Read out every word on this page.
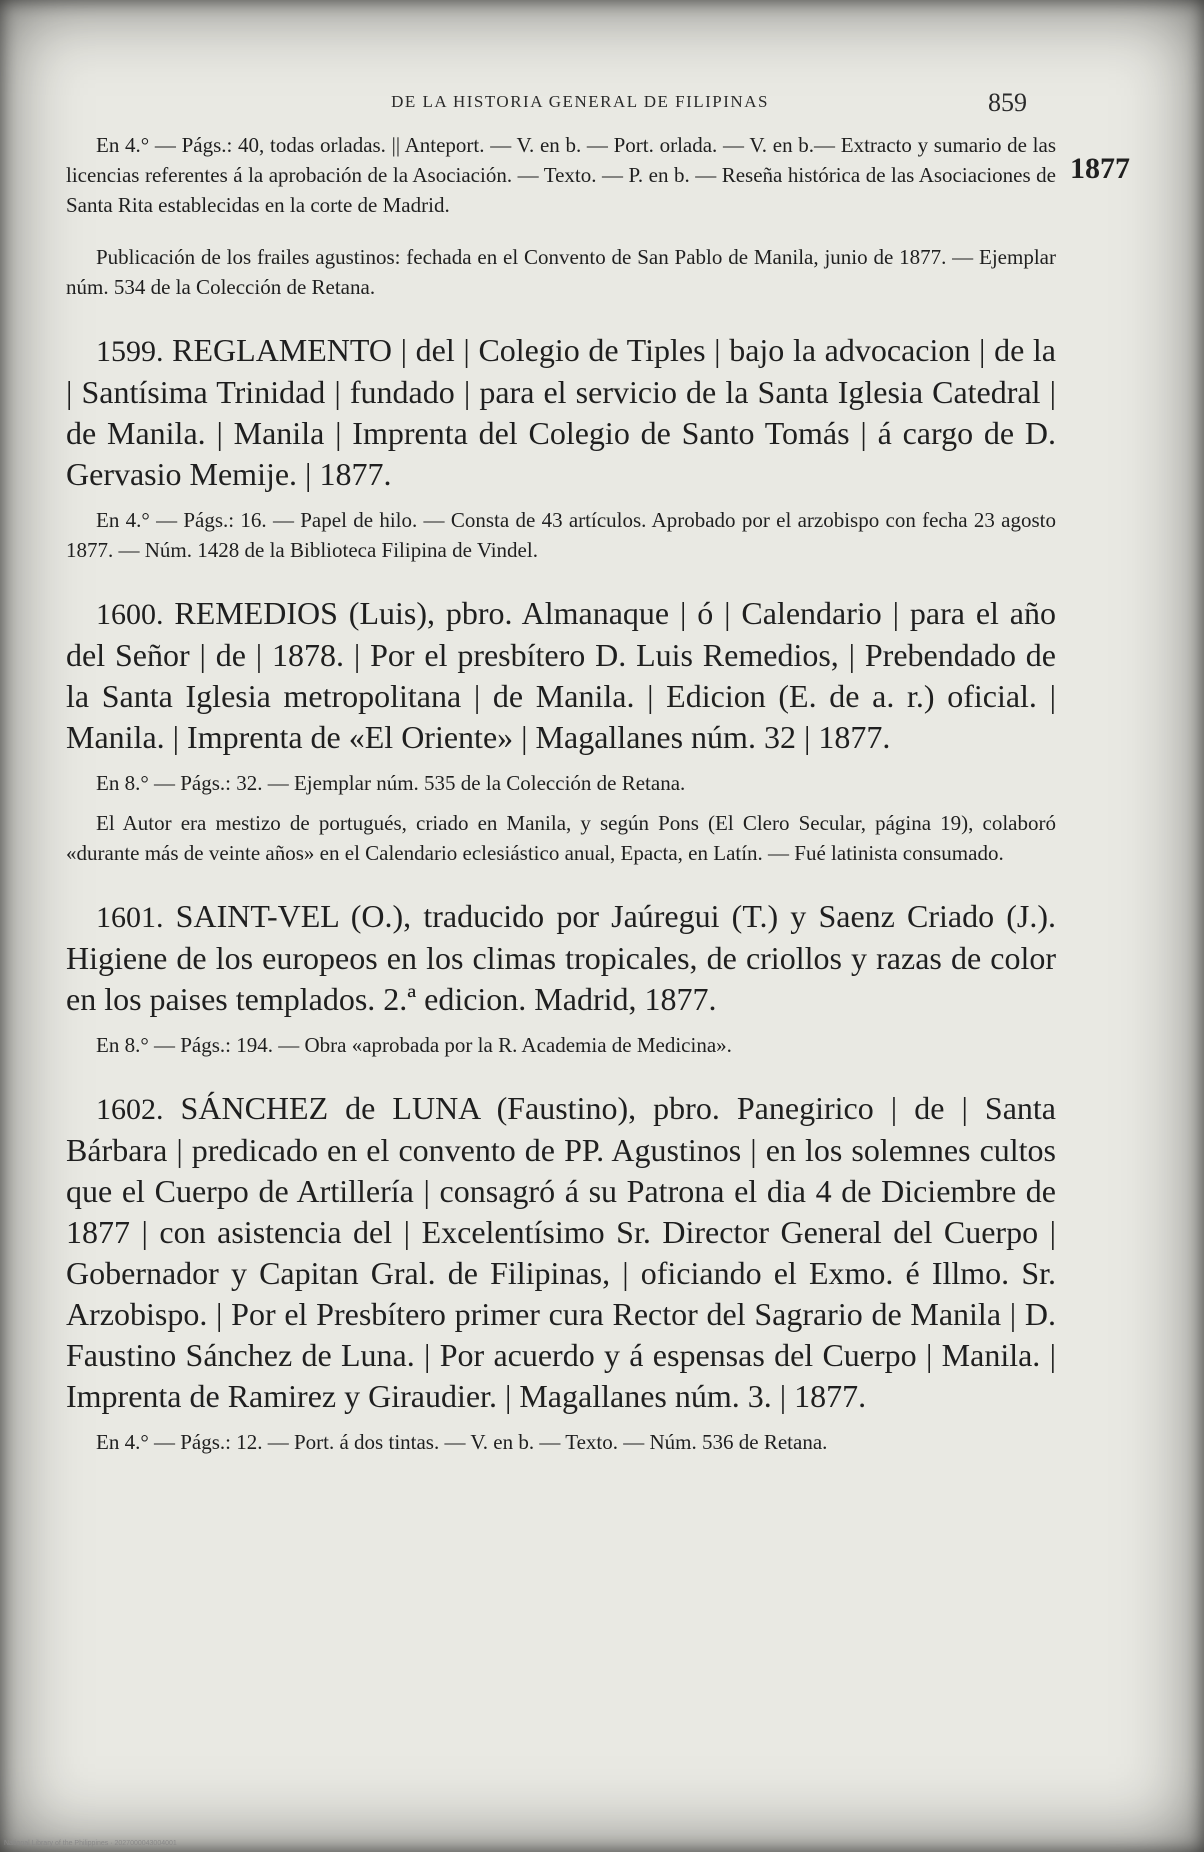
DE LA HISTORIA GENERAL DE FILIPINAS	859
1877

En 4.° — Págs.: 40, todas orladas. || Anteport. — V. en b. — Port. orlada. — V. en b.— Extracto y sumario de las licencias referentes á la aprobación de la Asociación. — Texto. — P. en b. — Reseña histórica de las Asociaciones de Santa Rita establecidas en la corte de Madrid.

Publicación de los frailes agustinos: fechada en el Convento de San Pablo de Manila, junio de 1877. — Ejemplar núm. 534 de la Colección de Retana.

1599. REGLAMENTO | del | Colegio de Tiples | bajo la advocacion | de la | Santísima Trinidad | fundado | para el servicio de la Santa Iglesia Catedral | de Manila. | Manila | Imprenta del Colegio de Santo Tomás | á cargo de D. Gervasio Memije. | 1877.

En 4.° — Págs.: 16. — Papel de hilo. — Consta de 43 artículos. Aprobado por el arzobispo con fecha 23 agosto 1877. — Núm. 1428 de la Biblioteca Filipina de Vindel.

1600. REMEDIOS (Luis), pbro. Almanaque | ó | Calendario | para el año del Señor | de | 1878. | Por el presbítero D. Luis Remedios, | Prebendado de la Santa Iglesia metropolitana | de Manila. | Edicion (E. de a. r.) oficial. | Manila. | Imprenta de «El Oriente» | Magallanes núm. 32 | 1877.

En 8.° — Págs.: 32. — Ejemplar núm. 535 de la Colección de Retana.

El Autor era mestizo de portugués, criado en Manila, y según Pons (El Clero Secular, página 19), colaboró «durante más de veinte años» en el Calendario eclesiástico anual, Epacta, en Latín. — Fué latinista consumado.

1601. SAINT-VEL (O.), traducido por Jaúregui (T.) y Saenz Criado (J.). Higiene de los europeos en los climas tropicales, de criollos y razas de color en los paises templados. 2.ª edicion. Madrid, 1877.

En 8.° — Págs.: 194. — Obra «aprobada por la R. Academia de Medicina».

1602. SÁNCHEZ de LUNA (Faustino), pbro. Panegirico | de | Santa Bárbara | predicado en el convento de PP. Agustinos | en los solemnes cultos que el Cuerpo de Artillería | consagró á su Patrona el dia 4 de Diciembre de 1877 | con asistencia del | Excelentísimo Sr. Director General del Cuerpo | Gobernador y Capitan Gral. de Filipinas, | oficiando el Exmo. é Illmo. Sr. Arzobispo. | Por el Presbítero primer cura Rector del Sagrario de Manila | D. Faustino Sánchez de Luna. | Por acuerdo y á espensas del Cuerpo | Manila. | Imprenta de Ramirez y Giraudier. | Magallanes núm. 3. | 1877.

En 4.° — Págs.: 12. — Port. á dos tintas. — V. en b. — Texto. — Núm. 536 de Retana.

National Library of the Philippines · 2027000043004001
